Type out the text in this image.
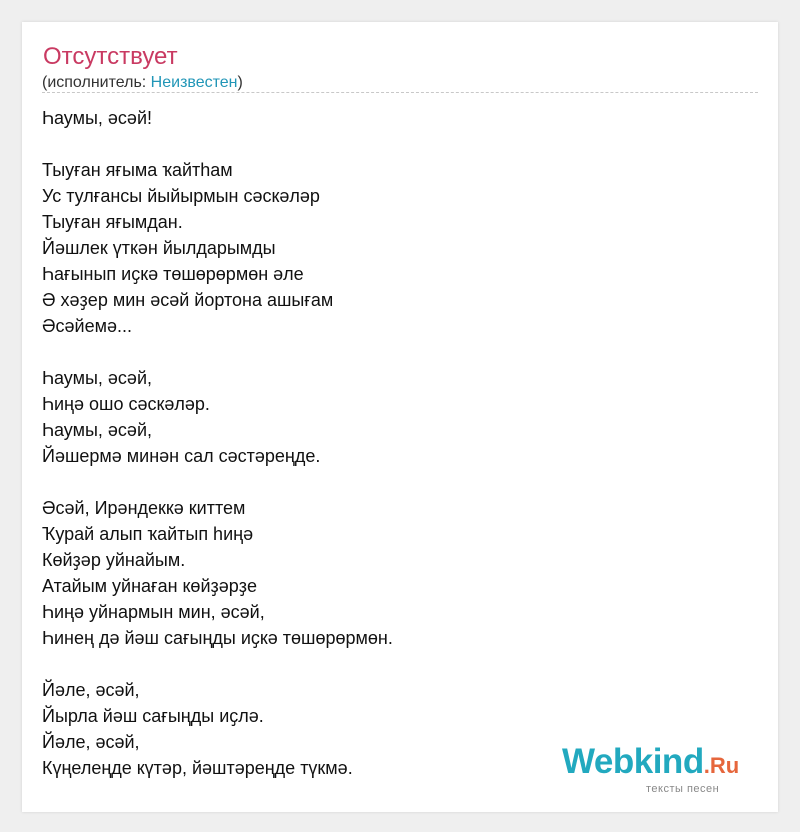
Отсутствует
(исполнитель: Неизвестен)
Һаумы, әсәй!
Тыуған яғыма ҡайтһам
Ус тулғансы йыйырмын сәскәләр
Тыуған яғымдан.
Йәшлек үткән йылдарымды
Һағынып иҫкә төшөрөрмөн әле
Ә хәҙер мин әсәй йортона ашығам
Әсәйемә...
Һаумы, әсәй,
Һиңә ошо сәскәләр.
Һаумы, әсәй,
Йәшермә минән сал сәстәреңде.
Әсәй, Ирәндеккә киттем
Ҡурай алып ҡайтып һиңә
Көйҙәр уйнайым.
Атайым уйнаған көйҙәрҙе
Һиңә уйнармын мин, әсәй,
Һинең дә йәш сағыңды иҫкә төшөрөрмөн.
Йәле, әсәй,
Йырла йәш сағыңды иҫлә.
Йәле, әсәй,
Күңелеңде күтәр, йәштәреңде түкмә.	Webkind.Ru
тексты песен
